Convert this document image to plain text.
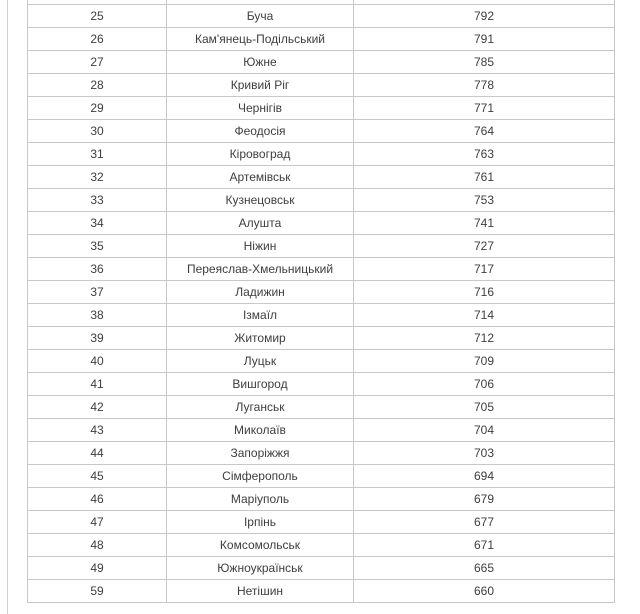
25	Буча	792
26	Кам'янець-Подільський	791
27	Южне	785
28	Кривий Ріг	778
29	Чернігів	771
30	Феодосія	764
31	Кіровоград	763
32	Артемівськ	761
33	Кузнецовськ	753
34	Алушта	741
35	Ніжин	727
36	Переяслав-Хмельницький	717
37	Ладижин	716
38	Ізмаїл	714
39	Житомир	712
40	Луцьк	709
41	Вишгород	706
42	Луганськ	705
43	Миколаїв	704
44	Запоріжжя	703
45	Сімферополь	694
46	Маріуполь	679
47	Ірпінь	677
48	Комсомольськ	671
49	Южноукраїнськ	665
59	Нетішин	660
